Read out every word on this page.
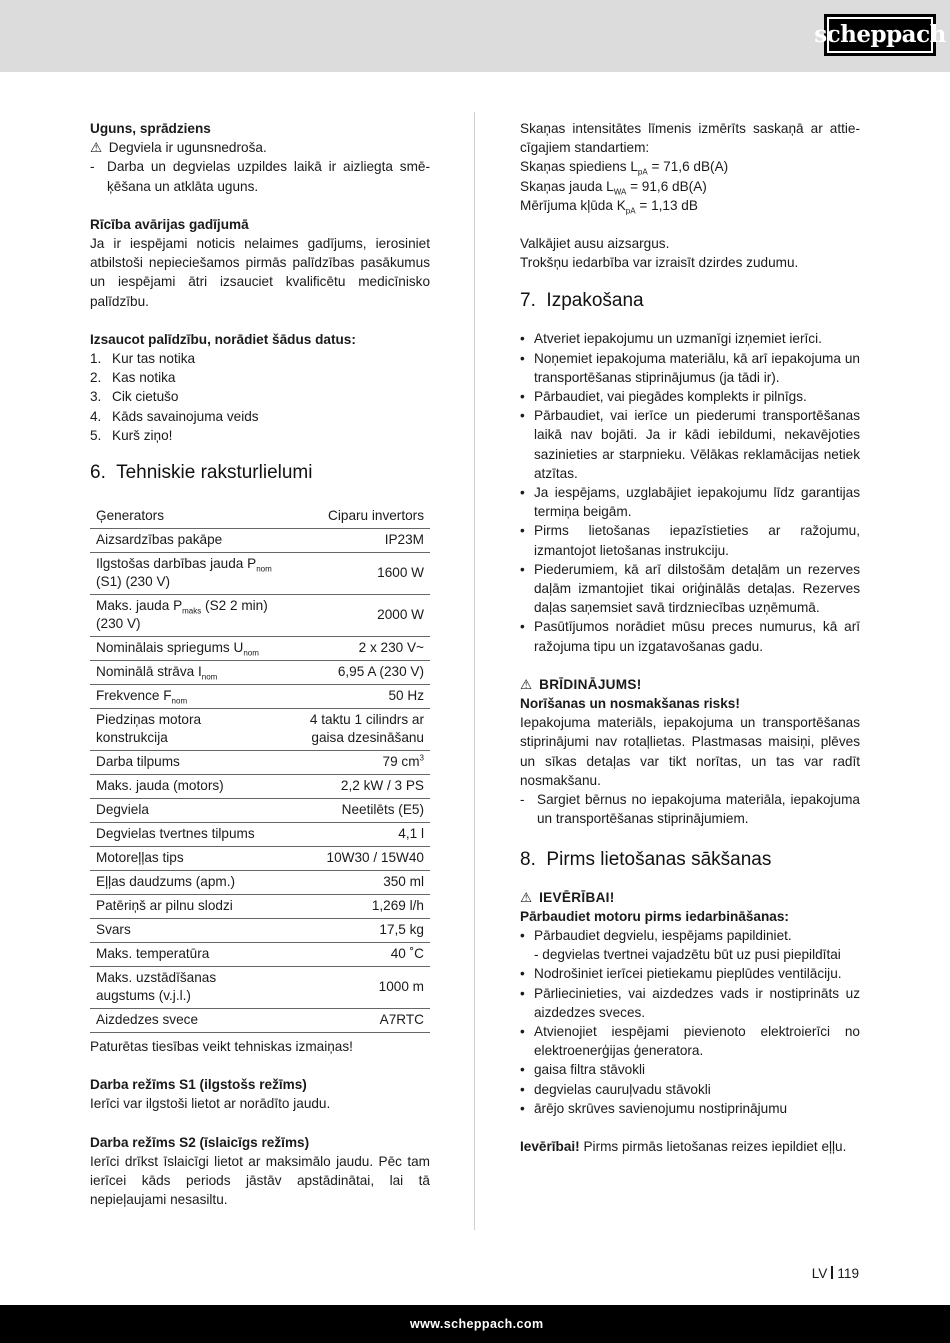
scheppach

Uguns, sprādziens

⚠ Degviela ir ugunsnedroša.

- Darba un degvielas uzpildes laikā ir aizliegta smē-ķēšana un atklāta uguns.

Rīcība avārijas gadījumā

Ja ir iespējami noticis nelaimes gadījums, ierosiniet atbilstoši nepieciešamos pirmās palīdzības pasākumus un iespējami ātri izsauciet kvalificētu medicīnisko palīdzību.

Izsaucot palīdzību, norādiet šādus datus:

1. Kur tas notika
2. Kas notika
3. Cik cietušo
4. Kāds savainojuma veids
5. Kurš ziņo!
6. Tehniskie raksturlielumi
Ģenerators	Ciparu invertors
Aizsardzības pakāpe	IP23M
Ilgstošas darbības jauda $P_{nom}$
(S1) (230 V)	1600 W
Maks. jauda $P_{maks}$ (S2 2 min) (230 V)	2000 W
Nominālais spriegums $U_{nom}$	2 x 230 V~
Nominālā strāva $I_{nom}$	6,95 A (230 V)
Frekvence $F_{nom}$	50 Hz
Piedziņas motora konstrukcija	4 taktu 1 cilindrs ar gaisa dzesināšanu
Darba tilpums	79 $cm^3$
Maks. jauda (motors)	2,2 kW / 3 PS
Degviela	Neetilēts (E5)
Degvielas tvertnes tilpums	4,1 l
Motoreļļas tips	10W30 / 15W40
Eļļas daudzums (apm.)	350 ml
Patēriņš ar pilnu slodzi	1,269 l/h
Svars	17,5 kg
Maks. temperatūra	40 ˚C
Maks. uzstādīšanas augstums (v.j.l.)	1000 m
Aizdedzes svece	A7RTC

Paturētas tiesības veikt tehniskas izmaiņas!

Darba režīms S1 (ilgstošs režīms)

Ierīci var ilgstoši lietot ar norādīto jaudu.

Darba režīms S2 (īslaicīgs režīms)

Ierīci drīkst īslaicīgi lietot ar maksimālo jaudu. Pēc tam ierīcei kāds periods jāstāv apstādinātai, lai tā nepieļaujami nesasiltu.

Skaņas intensitātes līmenis izmērīts saskaņā ar attie-cīgajiem standartiem:

Skaņas spiediens $L_{pA} = 71,6$ dB(A)

Skaņas jauda $L_{WA} = 91,6$ dB(A)

Mērījuma kļūda $K_{pA} = 1,13$ dB

Valkājiet ausu aizsargus.

Trokšņu iedarbība var izraisīt dzirdes zudumu.

7. Izpakošana
• Atveriet iepakojumu un uzmanīgi izņemiet ierīci.
• Noņemiet iepakojuma materiālu, kā arī iepakojuma un transportēšanas stiprinājumus (ja tādi ir).
• Pārbaudiet, vai piegādes komplekts ir pilnīgs.
• Pārbaudiet, vai ierīce un piederumi transportēšanas laikā nav bojāti. Ja ir kādi iebildumi, nekavējoties sazinieties ar starpnieku. Vēlākas reklamācijas netiek atzītas.
• Ja iespējams, uzglabājiet iepakojumu līdz garantijas termiņa beigām.
• Pirms lietošanas iepazīstieties ar ražojumu, izmantojot lietošanas instrukciju.
• Piederumiem, kā arī dilstošām detaļām un rezerves daļām izmantojiet tikai oriģinālās detaļas. Rezerves daļas saņemsiet savā tirdzniecības uzņēmumā.
• Pasūtījumos norādiet mūsu preces numurus, kā arī ražojuma tipu un izgatavošanas gadu.

⚠ BRĪDINĀJUMS!

Norīšanas un nosmakšanas risks!

Iepakojuma materiāls, iepakojuma un transportēšanas stiprinājumi nav rotaļlietas. Plastmasas maisiņi, plēves un sīkas detaļas var tikt norītas, un tas var radīt nosmakšanu.

- Sargiet bērnus no iepakojuma materiāla, iepakojuma un transportēšanas stiprinājumiem.
8. Pirms lietošanas sākšanas

⚠ IEVĒRĪBAI!

Pārbaudiet motoru pirms iedarbināšanas:

• Pārbaudiet degvielu, iespējams papildiniet.
- degvielas tvertnei vajadzētu būt uz pusi piepildītai
• Nodrošiniet ierīcei pietiekamu pieplūdes ventilāciju.
• Pārliecinieties, vai aizdedzes vads ir nostiprināts uz aizdedzes sveces.
• Atvienojiet iespējami pievienoto elektroierīci no elektroenerģijas ģeneratora.
• gaisa filtra stāvokli
• degvielas cauruļvadu stāvokli
• ārējo skrūves savienojumu nostiprinājumu

Ievērībai! Pirms pirmās lietošanas reizes iepildiet eļļu.

LV 119
www.scheppach.com
